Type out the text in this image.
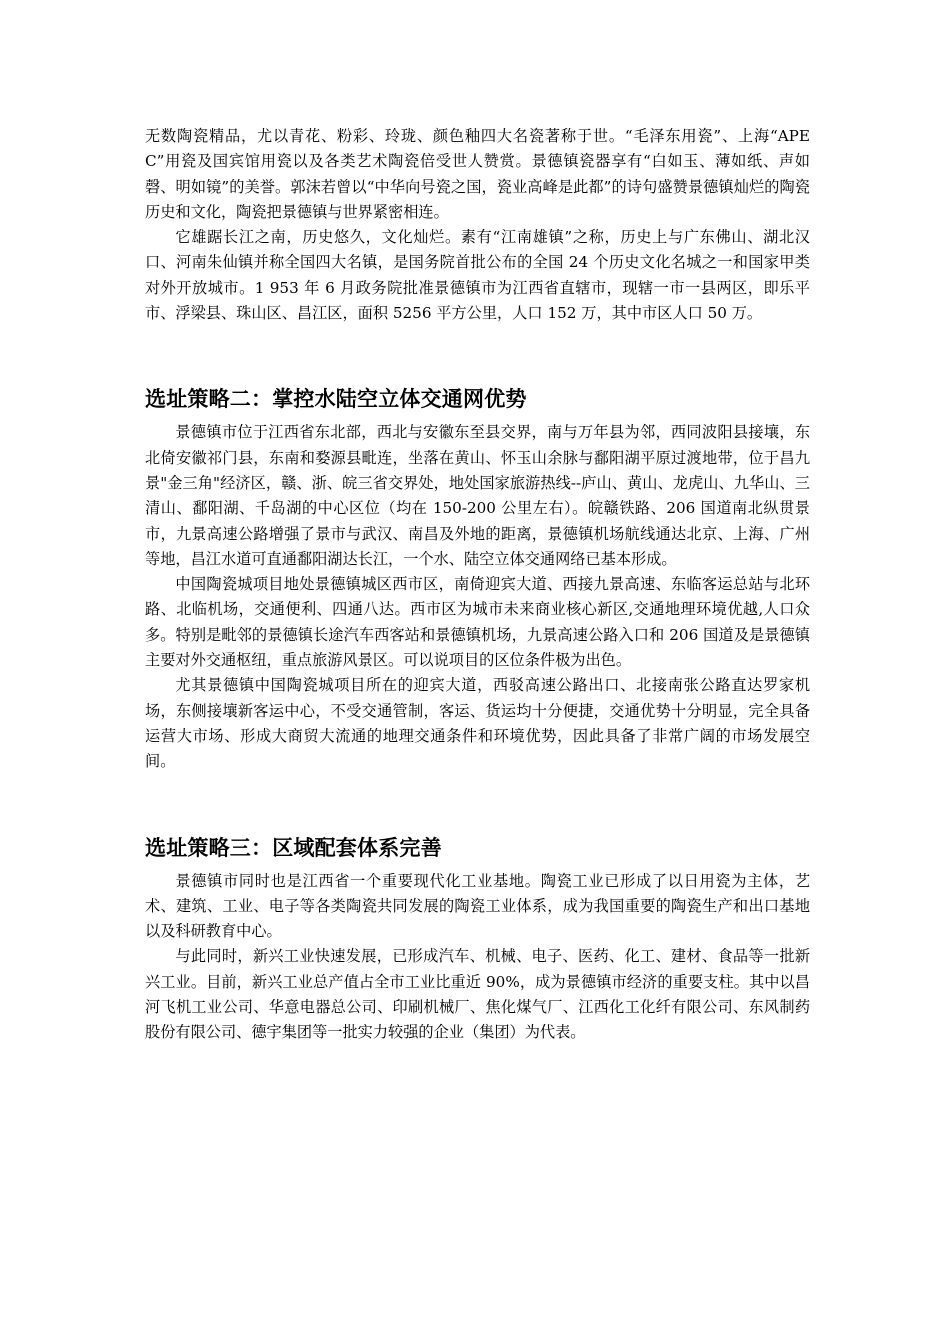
无数陶瓷精品，尤以青花、粉彩、玲珑、颜色釉四大名瓷著称于世。“毛泽东用瓷”、上海“APEC”用瓷及国宾馆用瓷以及各类艺术陶瓷倍受世人赞赏。景德镇瓷器享有“白如玉、薄如纸、声如磬、明如镜”的美誉。郭沫若曾以“中华向号瓷之国，瓷业高峰是此都”的诗句盛赞景德镇灿烂的陶瓷历史和文化，陶瓷把景德镇与世界紧密相连。

它雄踞长江之南，历史悠久，文化灿烂。素有“江南雄镇”之称，历史上与广东佛山、湖北汉口、河南朱仙镇并称全国四大名镇，是国务院首批公布的全国 24 个历史文化名城之一和国家甲类对外开放城市。1 953 年 6 月政务院批准景德镇市为江西省直辖市，现辖一市一县两区，即乐平市、浮梁县、珠山区、昌江区，面积 5256 平方公里，人口 152 万，其中市区人口 50 万。

选址策略二：掌控水陆空立体交通网优势

景德镇市位于江西省东北部，西北与安徽东至县交界，南与万年县为邻，西同波阳县接壤，东北倚安徽祁门县，东南和婺源县毗连，坐落在黄山、怀玉山余脉与鄱阳湖平原过渡地带，位于昌九景"金三角"经济区，赣、浙、皖三省交界处，地处国家旅游热线--庐山、黄山、龙虎山、九华山、三清山、鄱阳湖、千岛湖的中心区位（均在 150-200 公里左右）。皖赣铁路、206 国道南北纵贯景市，九景高速公路增强了景市与武汉、南昌及外地的距离，景德镇机场航线通达北京、上海、广州等地，昌江水道可直通鄱阳湖达长江，一个水、陆空立体交通网络已基本形成。

中国陶瓷城项目地处景德镇城区西市区，南倚迎宾大道、西接九景高速、东临客运总站与北环路、北临机场，交通便利、四通八达。西市区为城市未来商业核心新区,交通地理环境优越,人口众多。特别是毗邻的景德镇长途汽车西客站和景德镇机场，九景高速公路入口和 206 国道及是景德镇主要对外交通枢纽，重点旅游风景区。可以说项目的区位条件极为出色。

尤其景德镇中国陶瓷城项目所在的迎宾大道，西驳高速公路出口、北接南张公路直达罗家机场，东侧接壤新客运中心，不受交通管制，客运、货运均十分便捷，交通优势十分明显，完全具备运营大市场、形成大商贸大流通的地理交通条件和环境优势，因此具备了非常广阔的市场发展空间。

选址策略三：区域配套体系完善

景德镇市同时也是江西省一个重要现代化工业基地。陶瓷工业已形成了以日用瓷为主体，艺术、建筑、工业、电子等各类陶瓷共同发展的陶瓷工业体系，成为我国重要的陶瓷生产和出口基地以及科研教育中心。

与此同时，新兴工业快速发展，已形成汽车、机械、电子、医药、化工、建材、食品等一批新兴工业。目前，新兴工业总产值占全市工业比重近 90%，成为景德镇市经济的重要支柱。其中以昌河飞机工业公司、华意电器总公司、印刷机械厂、焦化煤气厂、江西化工化纤有限公司、东风制药股份有限公司、德宇集团等一批实力较强的企业（集团）为代表。
